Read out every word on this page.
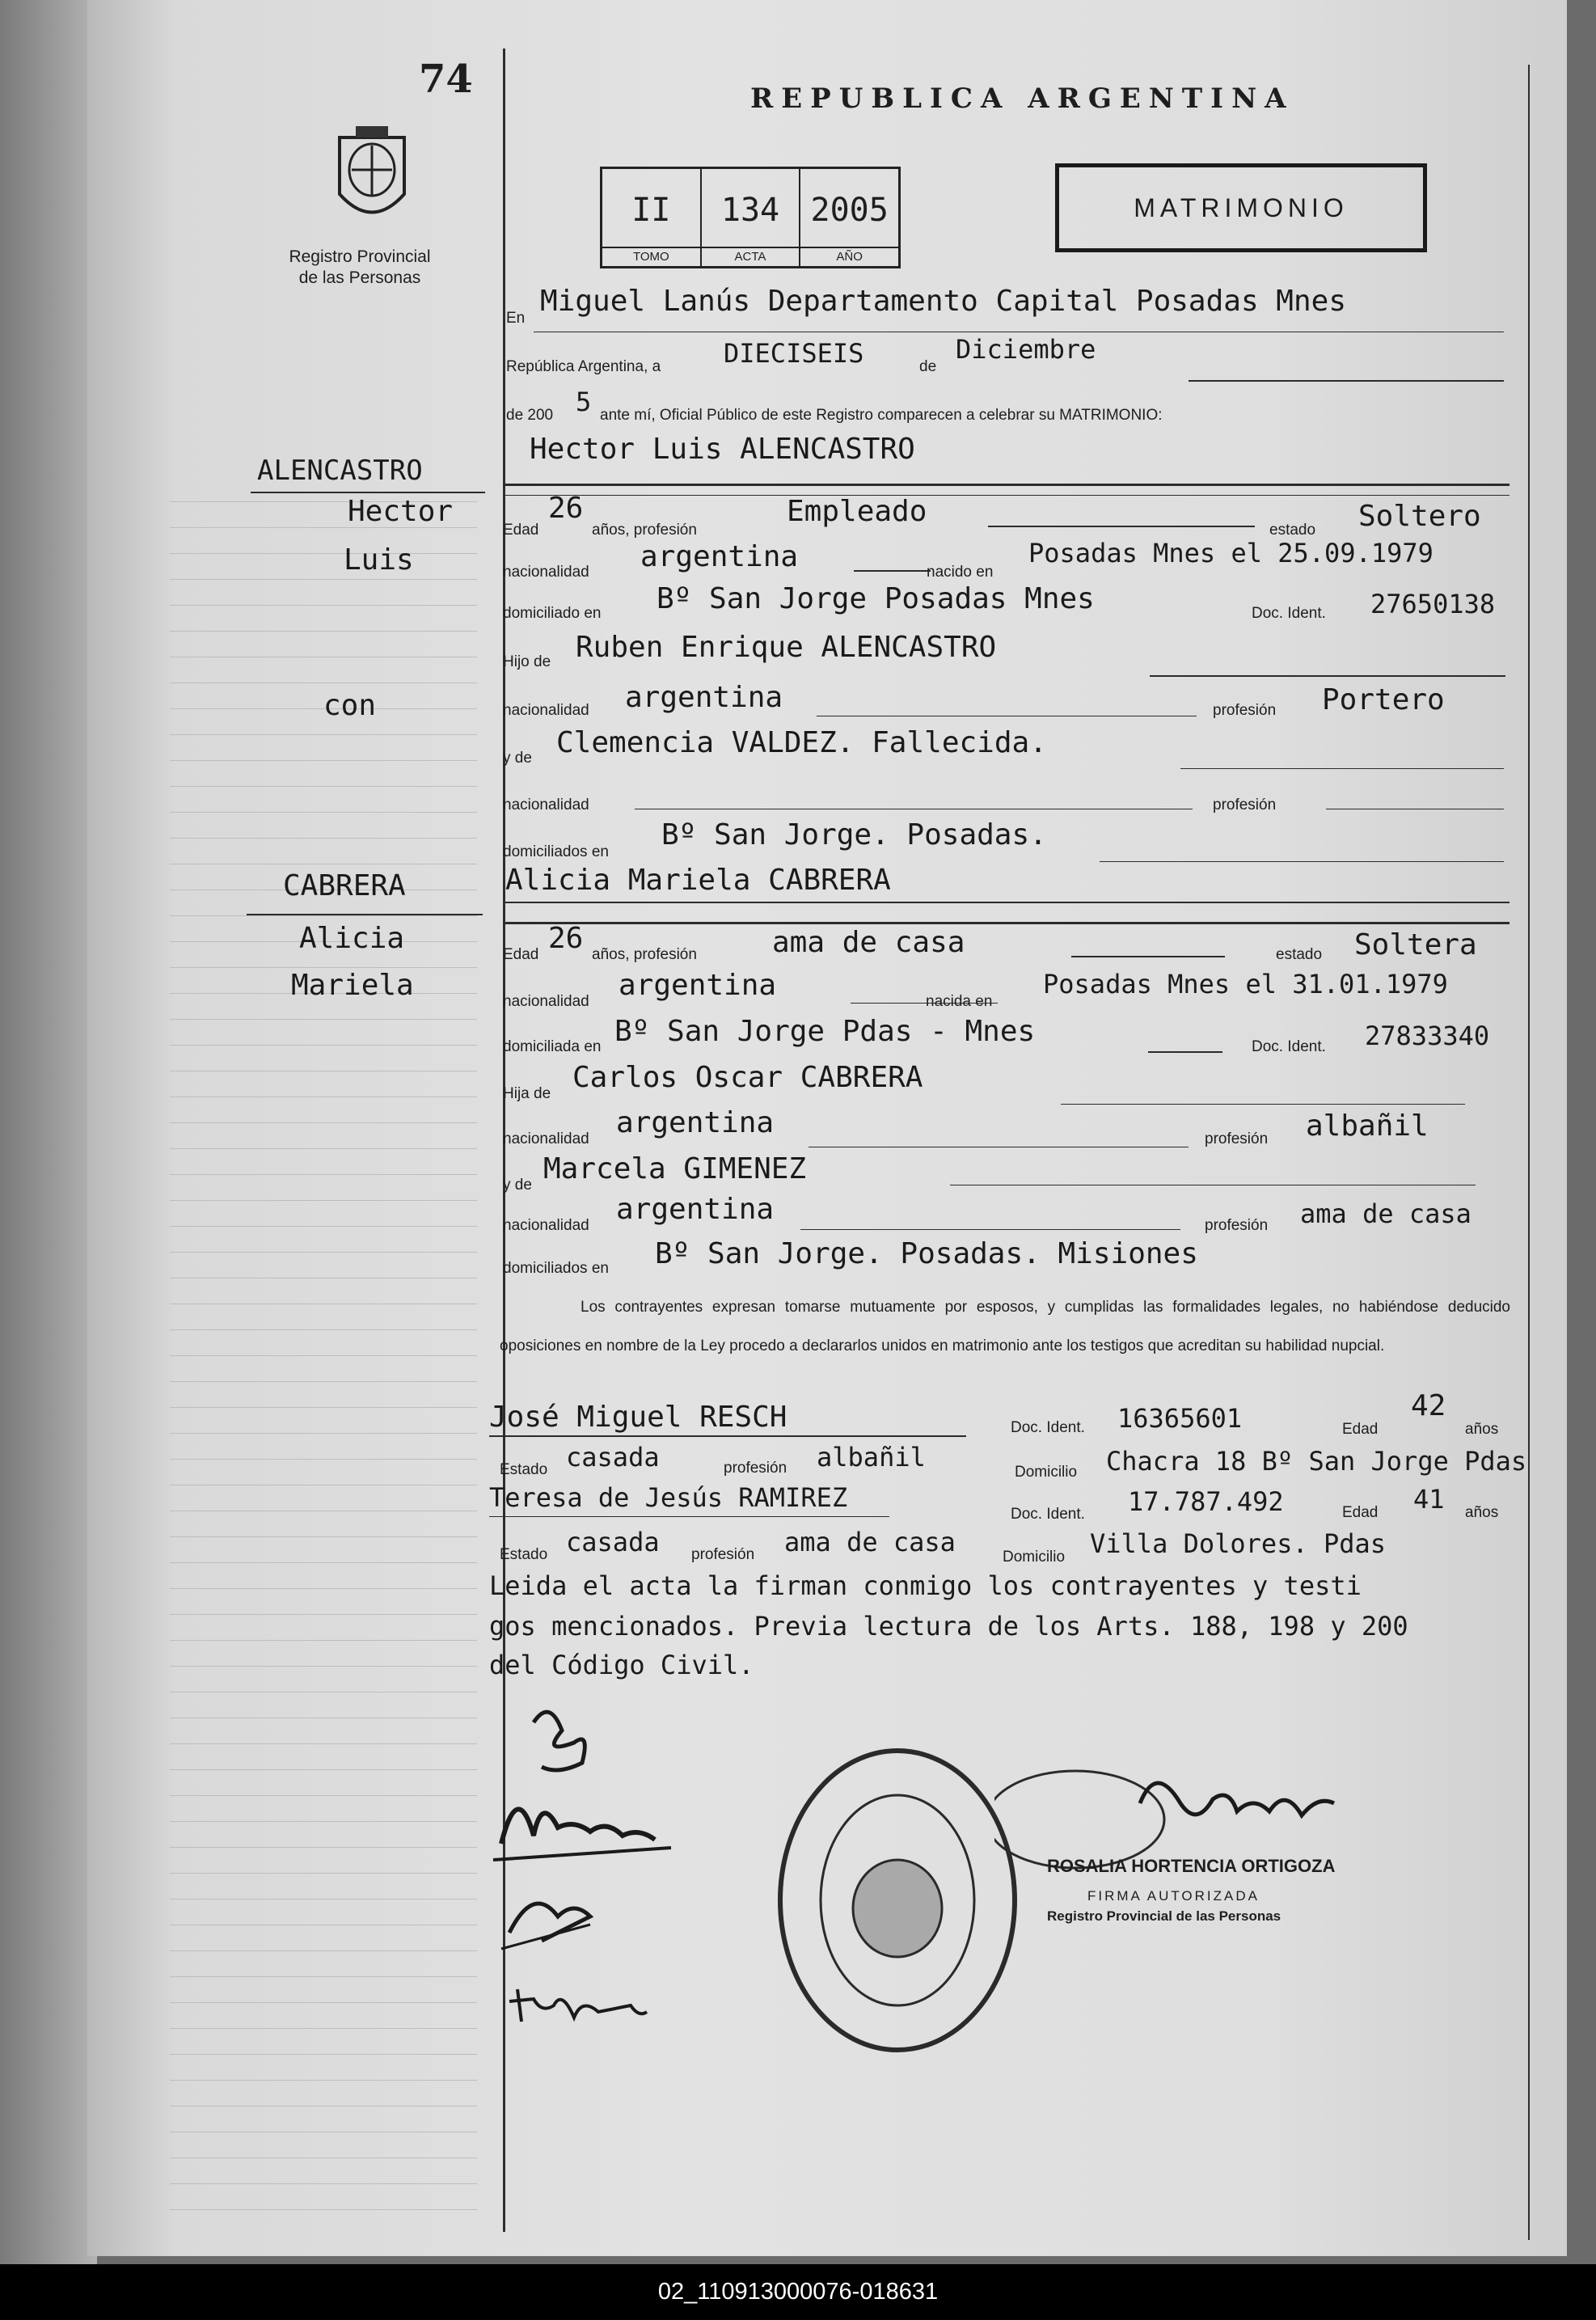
74	REPUBLICA ARGENTINA
Registro Provincial
de las Personas
II
TOMO
134
ACTA
2005
AÑO
MATRIMONIO
En
Miguel Lanús Departamento Capital Posadas Mnes
República Argentina, a DIECISEIS	de
Diciembre
de 200 5 ante mí, Oficial Público de este Registro comparecen a celebrar su MATRIMONIO:
Hector Luis ALENCASTRO
Edad
26
años, profesión
Empleado
estado Soltero
nacionalidad argentina	nacido en
Posadas Mnes el 25.09.1979
domiciliado en Bº San Jorge Posadas Mnes	Doc. Ident. 27650138
Hijo de Ruben Enrique ALENCASTRO
nacionalidad argentina	profesión Portero
y de Clemencia VALDEZ. Fallecida.
nacionalidad	profesión
domiciliados en
Bº San Jorge. Posadas.
Alicia Mariela CABRERA
Edad 26 años, profesión	ama de casa	estado Soltera
nacionalidad argentina	nacida en
Posadas Mnes el 31.01.1979
domiciliada en Bº San Jorge Pdas - Mnes	Doc. Ident. 27833340
Hija de Carlos Oscar CABRERA
nacionalidad argentina	profesión albañil
y de Marcela GIMENEZ
nacionalidad argentina	profesión ama de casa
domiciliados en Bº San Jorge. Posadas. Misiones
Los contrayentes expresan tomarse mutuamente por esposos, y cumplidas las formalidades legales, no habiéndose deducido oposiciones en nombre de la Ley procedo a declararlos unidos en matrimonio ante los testigos que acreditan su habilidad nupcial.
José Miguel RESCH	Doc. Ident. 16365601	Edad
42
años
Estado casada	profesión albañil	Domicilio Chacra 18 Bº San Jorge Pdas
Teresa de Jesús RAMIREZ
Doc. Ident. 17.787.492	Edad 41 años
Estado casada profesión ama de casa	Domicilio Villa Dolores. Pdas
Leida el acta la firman conmigo los contrayentes y testi
gos mencionados. Previa lectura de los Arts. 188, 198 y 200
del Código Civil.
ALENCASTRO
Hector
Luis
con
CABRERA
Alicia
Mariela
ROSALIA HORTENCIA ORTIGOZA
FIRMA AUTORIZADA
Registro Provincial de las Personas
02_110913000076-018631
